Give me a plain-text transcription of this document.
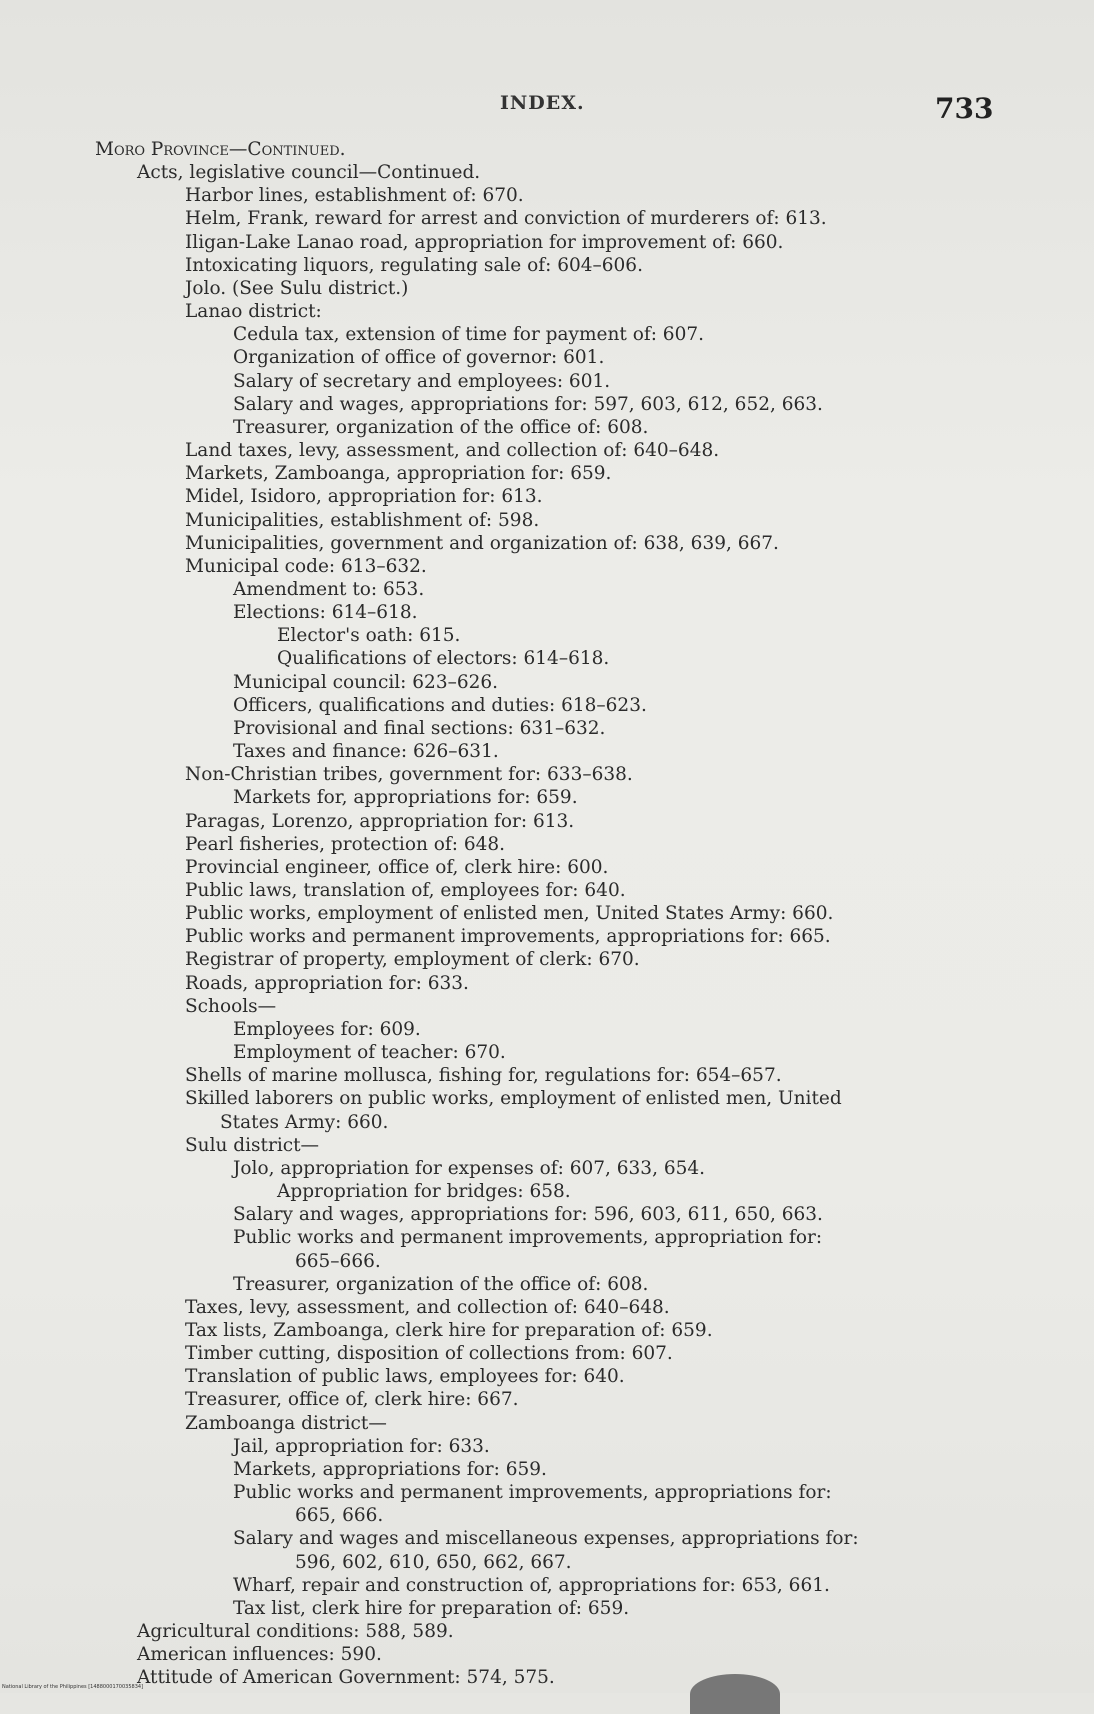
INDEX.	733
Moro Province—Continued.
Acts, legislative council—Continued.
Harbor lines, establishment of: 670.
Helm, Frank, reward for arrest and conviction of murderers of: 613.
Iligan-Lake Lanao road, appropriation for improvement of: 660.
Intoxicating liquors, regulating sale of: 604–606.
Jolo. (See Sulu district.)
Lanao district:
Cedula tax, extension of time for payment of: 607.
Organization of office of governor: 601.
Salary of secretary and employees: 601.
Salary and wages, appropriations for: 597, 603, 612, 652, 663.
Treasurer, organization of the office of: 608.
Land taxes, levy, assessment, and collection of: 640–648.
Markets, Zamboanga, appropriation for: 659.
Midel, Isidoro, appropriation for: 613.
Municipalities, establishment of: 598.
Municipalities, government and organization of: 638, 639, 667.
Municipal code: 613–632.
Amendment to: 653.
Elections: 614–618.
Elector's oath: 615.
Qualifications of electors: 614–618.
Municipal council: 623–626.
Officers, qualifications and duties: 618–623.
Provisional and final sections: 631–632.
Taxes and finance: 626–631.
Non-Christian tribes, government for: 633–638.
Markets for, appropriations for: 659.
Paragas, Lorenzo, appropriation for: 613.
Pearl fisheries, protection of: 648.
Provincial engineer, office of, clerk hire: 600.
Public laws, translation of, employees for: 640.
Public works, employment of enlisted men, United States Army: 660.
Public works and permanent improvements, appropriations for: 665.
Registrar of property, employment of clerk: 670.
Roads, appropriation for: 633.
Schools—
Employees for: 609.
Employment of teacher: 670.
Shells of marine mollusca, fishing for, regulations for: 654–657.
Skilled laborers on public works, employment of enlisted men, United
States Army: 660.
Sulu district—
Jolo, appropriation for expenses of: 607, 633, 654.
Appropriation for bridges: 658.
Salary and wages, appropriations for: 596, 603, 611, 650, 663.
Public works and permanent improvements, appropriation for:
665–666.
Treasurer, organization of the office of: 608.
Taxes, levy, assessment, and collection of: 640–648.
Tax lists, Zamboanga, clerk hire for preparation of: 659.
Timber cutting, disposition of collections from: 607.
Translation of public laws, employees for: 640.
Treasurer, office of, clerk hire: 667.
Zamboanga district—
Jail, appropriation for: 633.
Markets, appropriations for: 659.
Public works and permanent improvements, appropriations for:
665, 666.
Salary and wages and miscellaneous expenses, appropriations for:
596, 602, 610, 650, 662, 667.
Wharf, repair and construction of, appropriations for: 653, 661.
Tax list, clerk hire for preparation of: 659.
Agricultural conditions: 588, 589.
American influences: 590.
Attitude of American Government: 574, 575.
National Library of the Philippines [1488000170035834]
